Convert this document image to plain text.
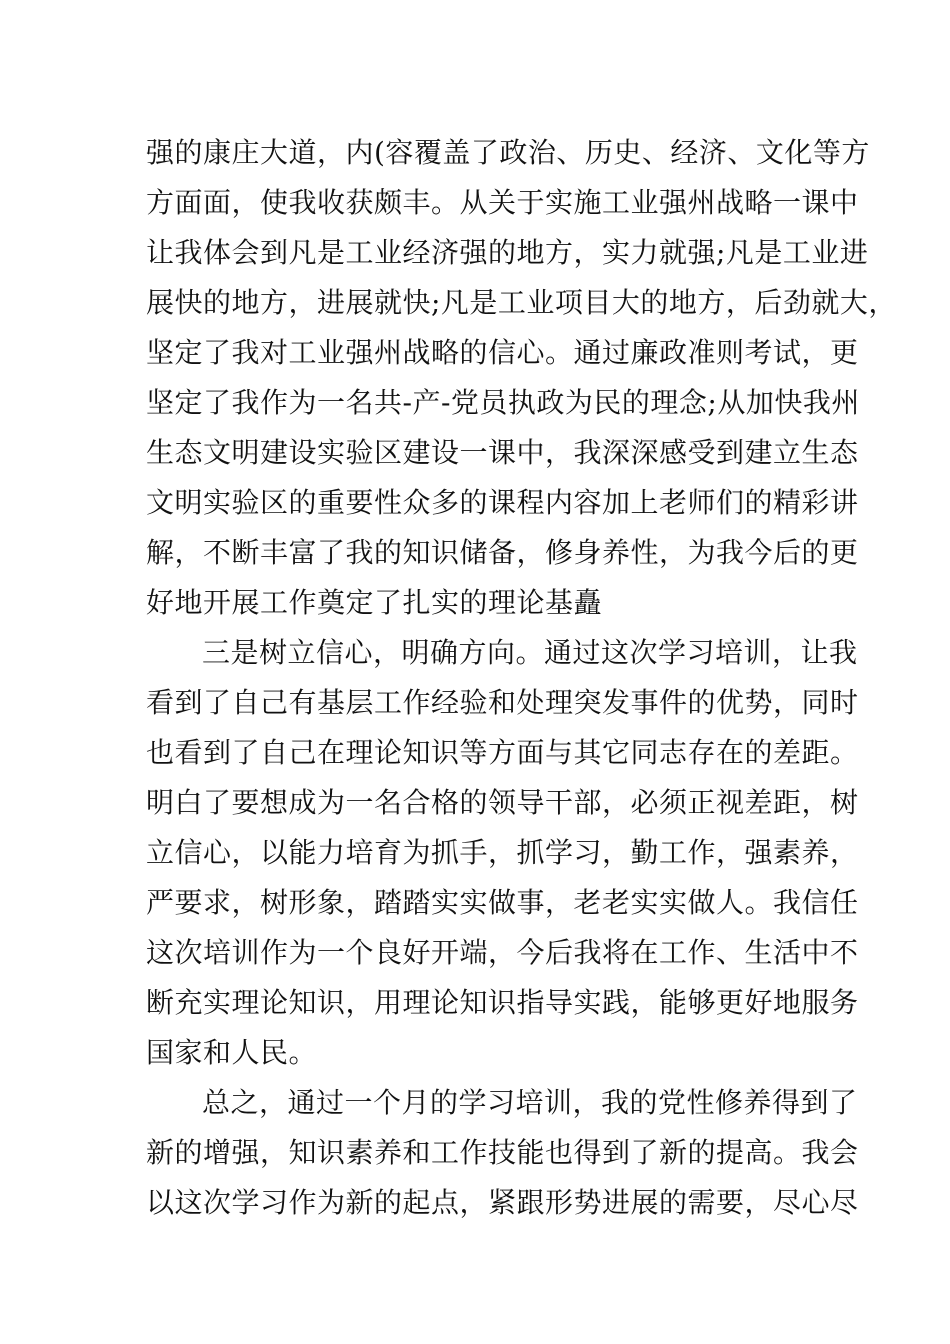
强的康庄大道，内(容覆盖了政治、历史、经济、文化等方
方面面，使我收获颇丰。从关于实施工业强州战略一课中
让我体会到凡是工业经济强的地方，实力就强;凡是工业进
展快的地方，进展就快;凡是工业项目大的地方，后劲就大，
坚定了我对工业强州战略的信心。通过廉政准则考试，更
坚定了我作为一名共-产-党员执政为民的理念;从加快我州
生态文明建设实验区建设一课中，我深深感受到建立生态
文明实验区的重要性众多的课程内容加上老师们的精彩讲
解，不断丰富了我的知识储备，修身养性，为我今后的更
好地开展工作奠定了扎实的理论基矗
三是树立信心，明确方向。通过这次学习培训，让我
看到了自己有基层工作经验和处理突发事件的优势，同时
也看到了自己在理论知识等方面与其它同志存在的差距。
明白了要想成为一名合格的领导干部，必须正视差距，树
立信心，以能力培育为抓手，抓学习，勤工作，强素养，
严要求，树形象，踏踏实实做事，老老实实做人。我信任
这次培训作为一个良好开端，今后我将在工作、生活中不
断充实理论知识，用理论知识指导实践，能够更好地服务
国家和人民。
总之，通过一个月的学习培训，我的党性修养得到了
新的增强，知识素养和工作技能也得到了新的提高。我会
以这次学习作为新的起点，紧跟形势进展的需要，尽心尽
